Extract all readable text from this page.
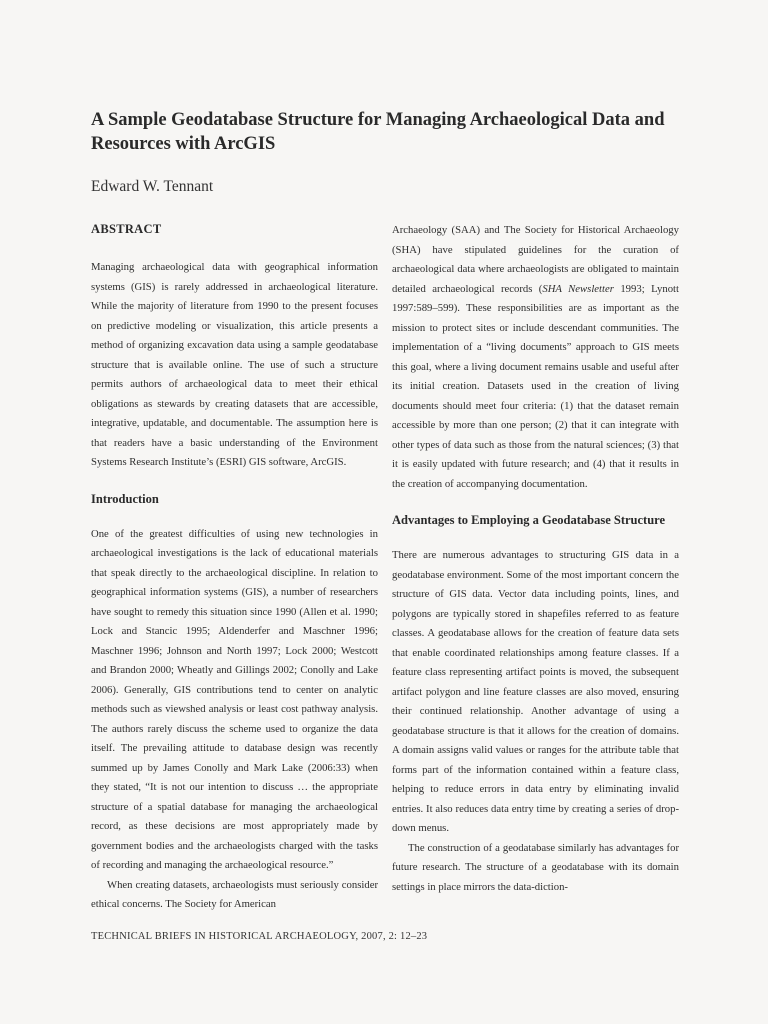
A Sample Geodatabase Structure for Managing Archaeological Data and Resources with ArcGIS
Edward W. Tennant
ABSTRACT

Managing archaeological data with geographical information systems (GIS) is rarely addressed in archaeological literature. While the majority of literature from 1990 to the present focuses on predictive modeling or visualization, this article presents a method of organizing excavation data using a sample geodatabase structure that is available online. The use of such a structure permits authors of archaeological data to meet their ethical obligations as stewards by creating datasets that are accessible, integrative, updatable, and documentable. The assumption here is that readers have a basic understanding of the Environment Systems Research Institute’s (ESRI) GIS software, ArcGIS.

Introduction

One of the greatest difficulties of using new technologies in archaeological investigations is the lack of educational materials that speak directly to the archaeological discipline. In relation to geographical information systems (GIS), a number of researchers have sought to remedy this situation since 1990 (Allen et al. 1990; Lock and Stancic 1995; Aldenderfer and Maschner 1996; Maschner 1996; Johnson and North 1997; Lock 2000; Westcott and Brandon 2000; Wheatly and Gillings 2002; Conolly and Lake 2006). Generally, GIS contributions tend to center on analytic methods such as viewshed analysis or least cost pathway analysis. The authors rarely discuss the scheme used to organize the data itself. The prevailing attitude to database design was recently summed up by James Conolly and Mark Lake (2006:33) when they stated, “It is not our intention to discuss … the appropriate structure of a spatial database for managing the archaeological record, as these decisions are most appropriately made by government bodies and the archaeologists charged with the tasks of recording and managing the archaeological resource.”

When creating datasets, archaeologists must seriously consider ethical concerns. The Society for American

Archaeology (SAA) and The Society for Historical Archaeology (SHA) have stipulated guidelines for the curation of archaeological data where archaeologists are obligated to maintain detailed archaeological records (SHA Newsletter 1993; Lynott 1997:589–599). These responsibilities are as important as the mission to protect sites or include descendant communities. The implementation of a “living documents” approach to GIS meets this goal, where a living document remains usable and useful after its initial creation. Datasets used in the creation of living documents should meet four criteria: (1) that the dataset remain accessible by more than one person; (2) that it can integrate with other types of data such as those from the natural sciences; (3) that it is easily updated with future research; and (4) that it results in the creation of accompanying documentation.

Advantages to Employing a Geodatabase Structure

There are numerous advantages to structuring GIS data in a geodatabase environment. Some of the most important concern the structure of GIS data. Vector data including points, lines, and polygons are typically stored in shapefiles referred to as feature classes. A geodatabase allows for the creation of feature data sets that enable coordinated relationships among feature classes. If a feature class representing artifact points is moved, the subsequent artifact polygon and line feature classes are also moved, ensuring their continued relationship. Another advantage of using a geodatabase structure is that it allows for the creation of domains. A domain assigns valid values or ranges for the attribute table that forms part of the information contained within a feature class, helping to reduce errors in data entry by eliminating invalid entries. It also reduces data entry time by creating a series of drop-down menus.

The construction of a geodatabase similarly has advantages for future research. The structure of a geodatabase with its domain settings in place mirrors the data-diction-

TECHNICAL BRIEFS IN HISTORICAL ARCHAEOLOGY, 2007, 2: 12–23
